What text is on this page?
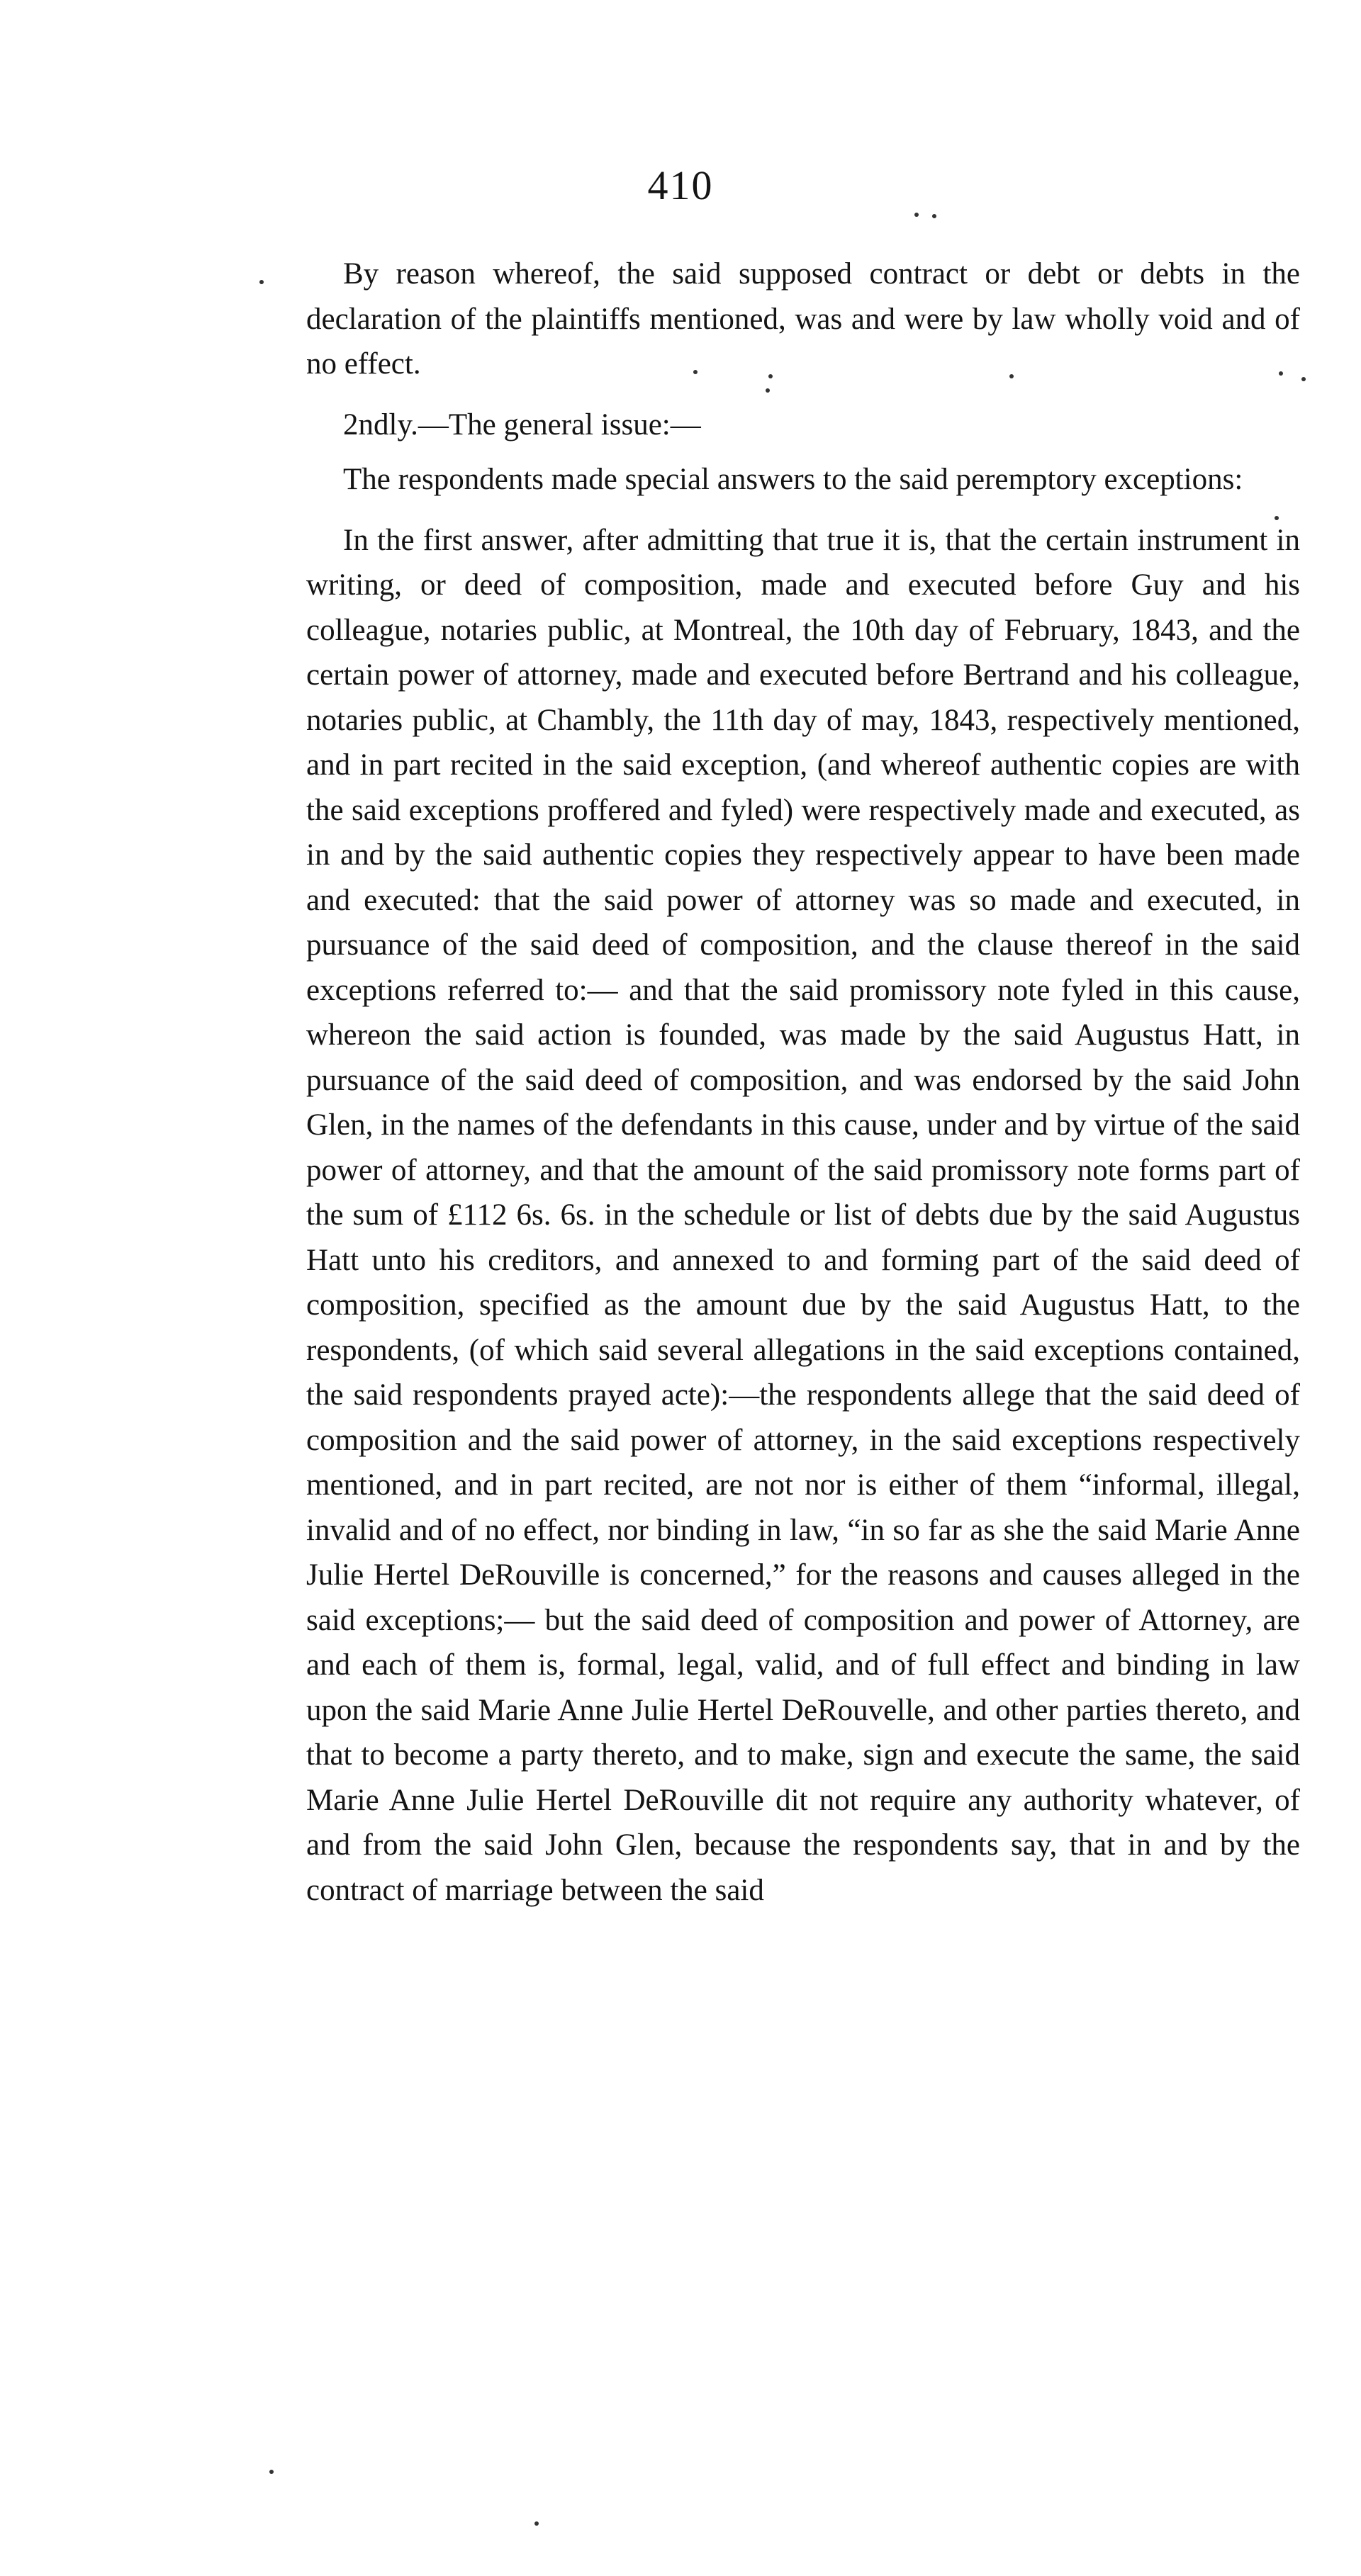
410

By reason whereof, the said supposed contract or debt or debts in the declaration of the plaintiffs mentioned, was and were by law wholly void and of no effect.

2ndly.—The general issue:—

The respondents made special answers to the said peremptory exceptions:

In the first answer, after admitting that true it is, that the certain instrument in writing, or deed of composition, made and executed before Guy and his colleague, notaries public, at Montreal, the 10th day of February, 1843, and the certain power of attorney, made and executed before Bertrand and his colleague, notaries public, at Chambly, the 11th day of may, 1843, respectively mentioned, and in part recited in the said exception, (and whereof authentic copies are with the said exceptions proffered and fyled) were respectively made and executed, as in and by the said authentic copies they respectively appear to have been made and executed: that the said power of attorney was so made and executed, in pursuance of the said deed of composition, and the clause thereof in the said exceptions referred to:— and that the said promissory note fyled in this cause, whereon the said action is founded, was made by the said Augustus Hatt, in pursuance of the said deed of composition, and was endorsed by the said John Glen, in the names of the defendants in this cause, under and by virtue of the said power of attorney, and that the amount of the said promissory note forms part of the sum of £112 6s. 6s. in the schedule or list of debts due by the said Augustus Hatt unto his creditors, and annexed to and forming part of the said deed of composition, specified as the amount due by the said Augustus Hatt, to the respondents, (of which said several allegations in the said exceptions contained, the said respondents prayed acte):—the respondents allege that the said deed of composition and the said power of attorney, in the said exceptions respectively mentioned, and in part recited, are not nor is either of them “informal, illegal, invalid and of no effect, nor binding in law, “in so far as she the said Marie Anne Julie Hertel DeRouville is concerned,” for the reasons and causes alleged in the said exceptions;— but the said deed of composition and power of Attorney, are and each of them is, formal, legal, valid, and of full effect and binding in law upon the said Marie Anne Julie Hertel DeRouvelle, and other parties thereto, and that to become a party thereto, and to make, sign and execute the same, the said Marie Anne Julie Hertel DeRouville dit not require any authority whatever, of and from the said John Glen, because the respondents say, that in and by the contract of marriage between the said
